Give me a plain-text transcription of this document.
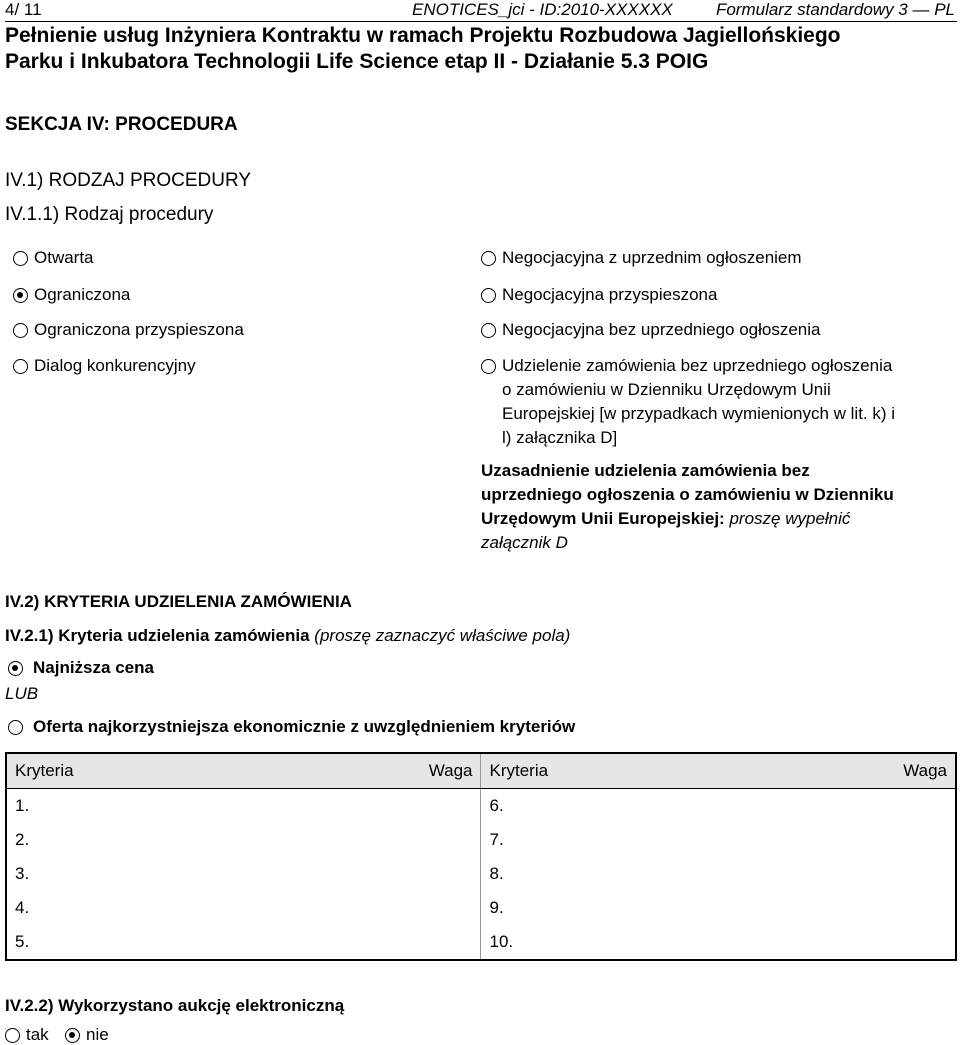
4/ 11	ENOTICES_jci - ID:2010-XXXXXX	Formularz standardowy 3 — PL
Pełnienie usług Inżyniera Kontraktu w ramach Projektu Rozbudowa Jagiellońskiego
Parku i Inkubatora Technologii Life Science etap II - Działanie 5.3 POIG
SEKCJA IV: PROCEDURA
IV.1) RODZAJ PROCEDURY
IV.1.1) Rodzaj procedury
Otwarta
Ograniczona
Ograniczona przyspieszona
Dialog konkurencyjny
Negocjacyjna z uprzednim ogłoszeniem
Negocjacyjna przyspieszona
Negocjacyjna bez uprzedniego ogłoszenia
Udzielenie zamówienia bez uprzedniego ogłoszenia
o zamówieniu w Dzienniku Urzędowym Unii
Europejskiej [w przypadkach wymienionych w lit. k) i
l) załącznika D]
Uzasadnienie udzielenia zamówienia bez
uprzedniego ogłoszenia o zamówieniu w Dzienniku
Urzędowym Unii Europejskiej: proszę wypełnić
załącznik D
IV.2) KRYTERIA UDZIELENIA ZAMÓWIENIA
IV.2.1) Kryteria udzielenia zamówienia (proszę zaznaczyć właściwe pola)
Najniższa cena
LUB
Oferta najkorzystniejsza ekonomicznie z uwzględnieniem kryteriów
Kryteria	Waga	Kryteria	Waga
1.		6.	
2.		7.	
3.		8.	
4.		9.	
5.		10.	
IV.2.2) Wykorzystano aukcję elektroniczną
tak nie
